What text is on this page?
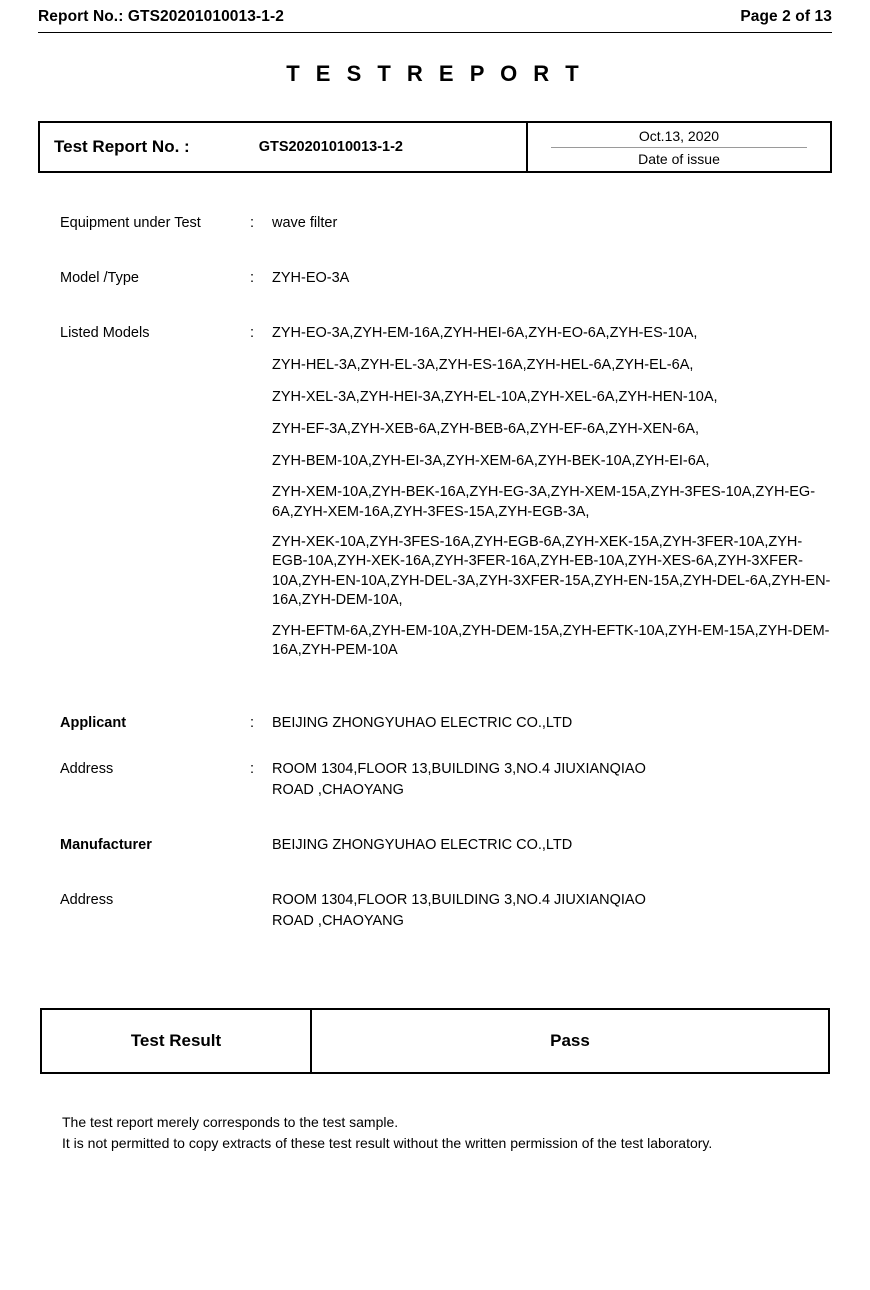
Report No.: GTS20201010013-1-2	Page 2 of 13
T E S T R E P O R T
Test Report No. :	GTS20201010013-1-2
Oct.13, 2020
Date of issue
Equipment under Test	:	wave filter
Model /Type	:	ZYH-EO-3A
Listed Models	:	ZYH-EO-3A,ZYH-EM-16A,ZYH-HEI-6A,ZYH-EO-6A,ZYH-ES-10A,
ZYH-HEL-3A,ZYH-EL-3A,ZYH-ES-16A,ZYH-HEL-6A,ZYH-EL-6A,
ZYH-XEL-3A,ZYH-HEI-3A,ZYH-EL-10A,ZYH-XEL-6A,ZYH-HEN-10A,
ZYH-EF-3A,ZYH-XEB-6A,ZYH-BEB-6A,ZYH-EF-6A,ZYH-XEN-6A,
ZYH-BEM-10A,ZYH-EI-3A,ZYH-XEM-6A,ZYH-BEK-10A,ZYH-EI-6A,
ZYH-XEM-10A,ZYH-BEK-16A,ZYH-EG-3A,ZYH-XEM-15A,ZYH-3FES-10A,ZYH-EG-6A,ZYH-XEM-16A,ZYH-3FES-15A,ZYH-EGB-3A,
ZYH-XEK-10A,ZYH-3FES-16A,ZYH-EGB-6A,ZYH-XEK-15A,ZYH-3FER-10A,ZYH-EGB-10A,ZYH-XEK-16A,ZYH-3FER-16A,ZYH-EB-10A,ZYH-XES-6A,ZYH-3XFER-10A,ZYH-EN-10A,ZYH-DEL-3A,ZYH-3XFER-15A,ZYH-EN-15A,ZYH-DEL-6A,ZYH-EN-16A,ZYH-DEM-10A,
ZYH-EFTM-6A,ZYH-EM-10A,ZYH-DEM-15A,ZYH-EFTK-10A,ZYH-EM-15A,ZYH-DEM-16A,ZYH-PEM-10A
Applicant	:	BEIJING ZHONGYUHAO ELECTRIC CO.,LTD
Address	:	ROOM 1304,FLOOR 13,BUILDING 3,NO.4 JIUXIANQIAO
ROAD ,CHAOYANG
Manufacturer	BEIJING ZHONGYUHAO ELECTRIC CO.,LTD
Address	ROOM 1304,FLOOR 13,BUILDING 3,NO.4 JIUXIANQIAO
ROAD ,CHAOYANG
Test Result	Pass

The test report merely corresponds to the test sample.

It is not permitted to copy extracts of these test result without the written permission of the test laboratory.
